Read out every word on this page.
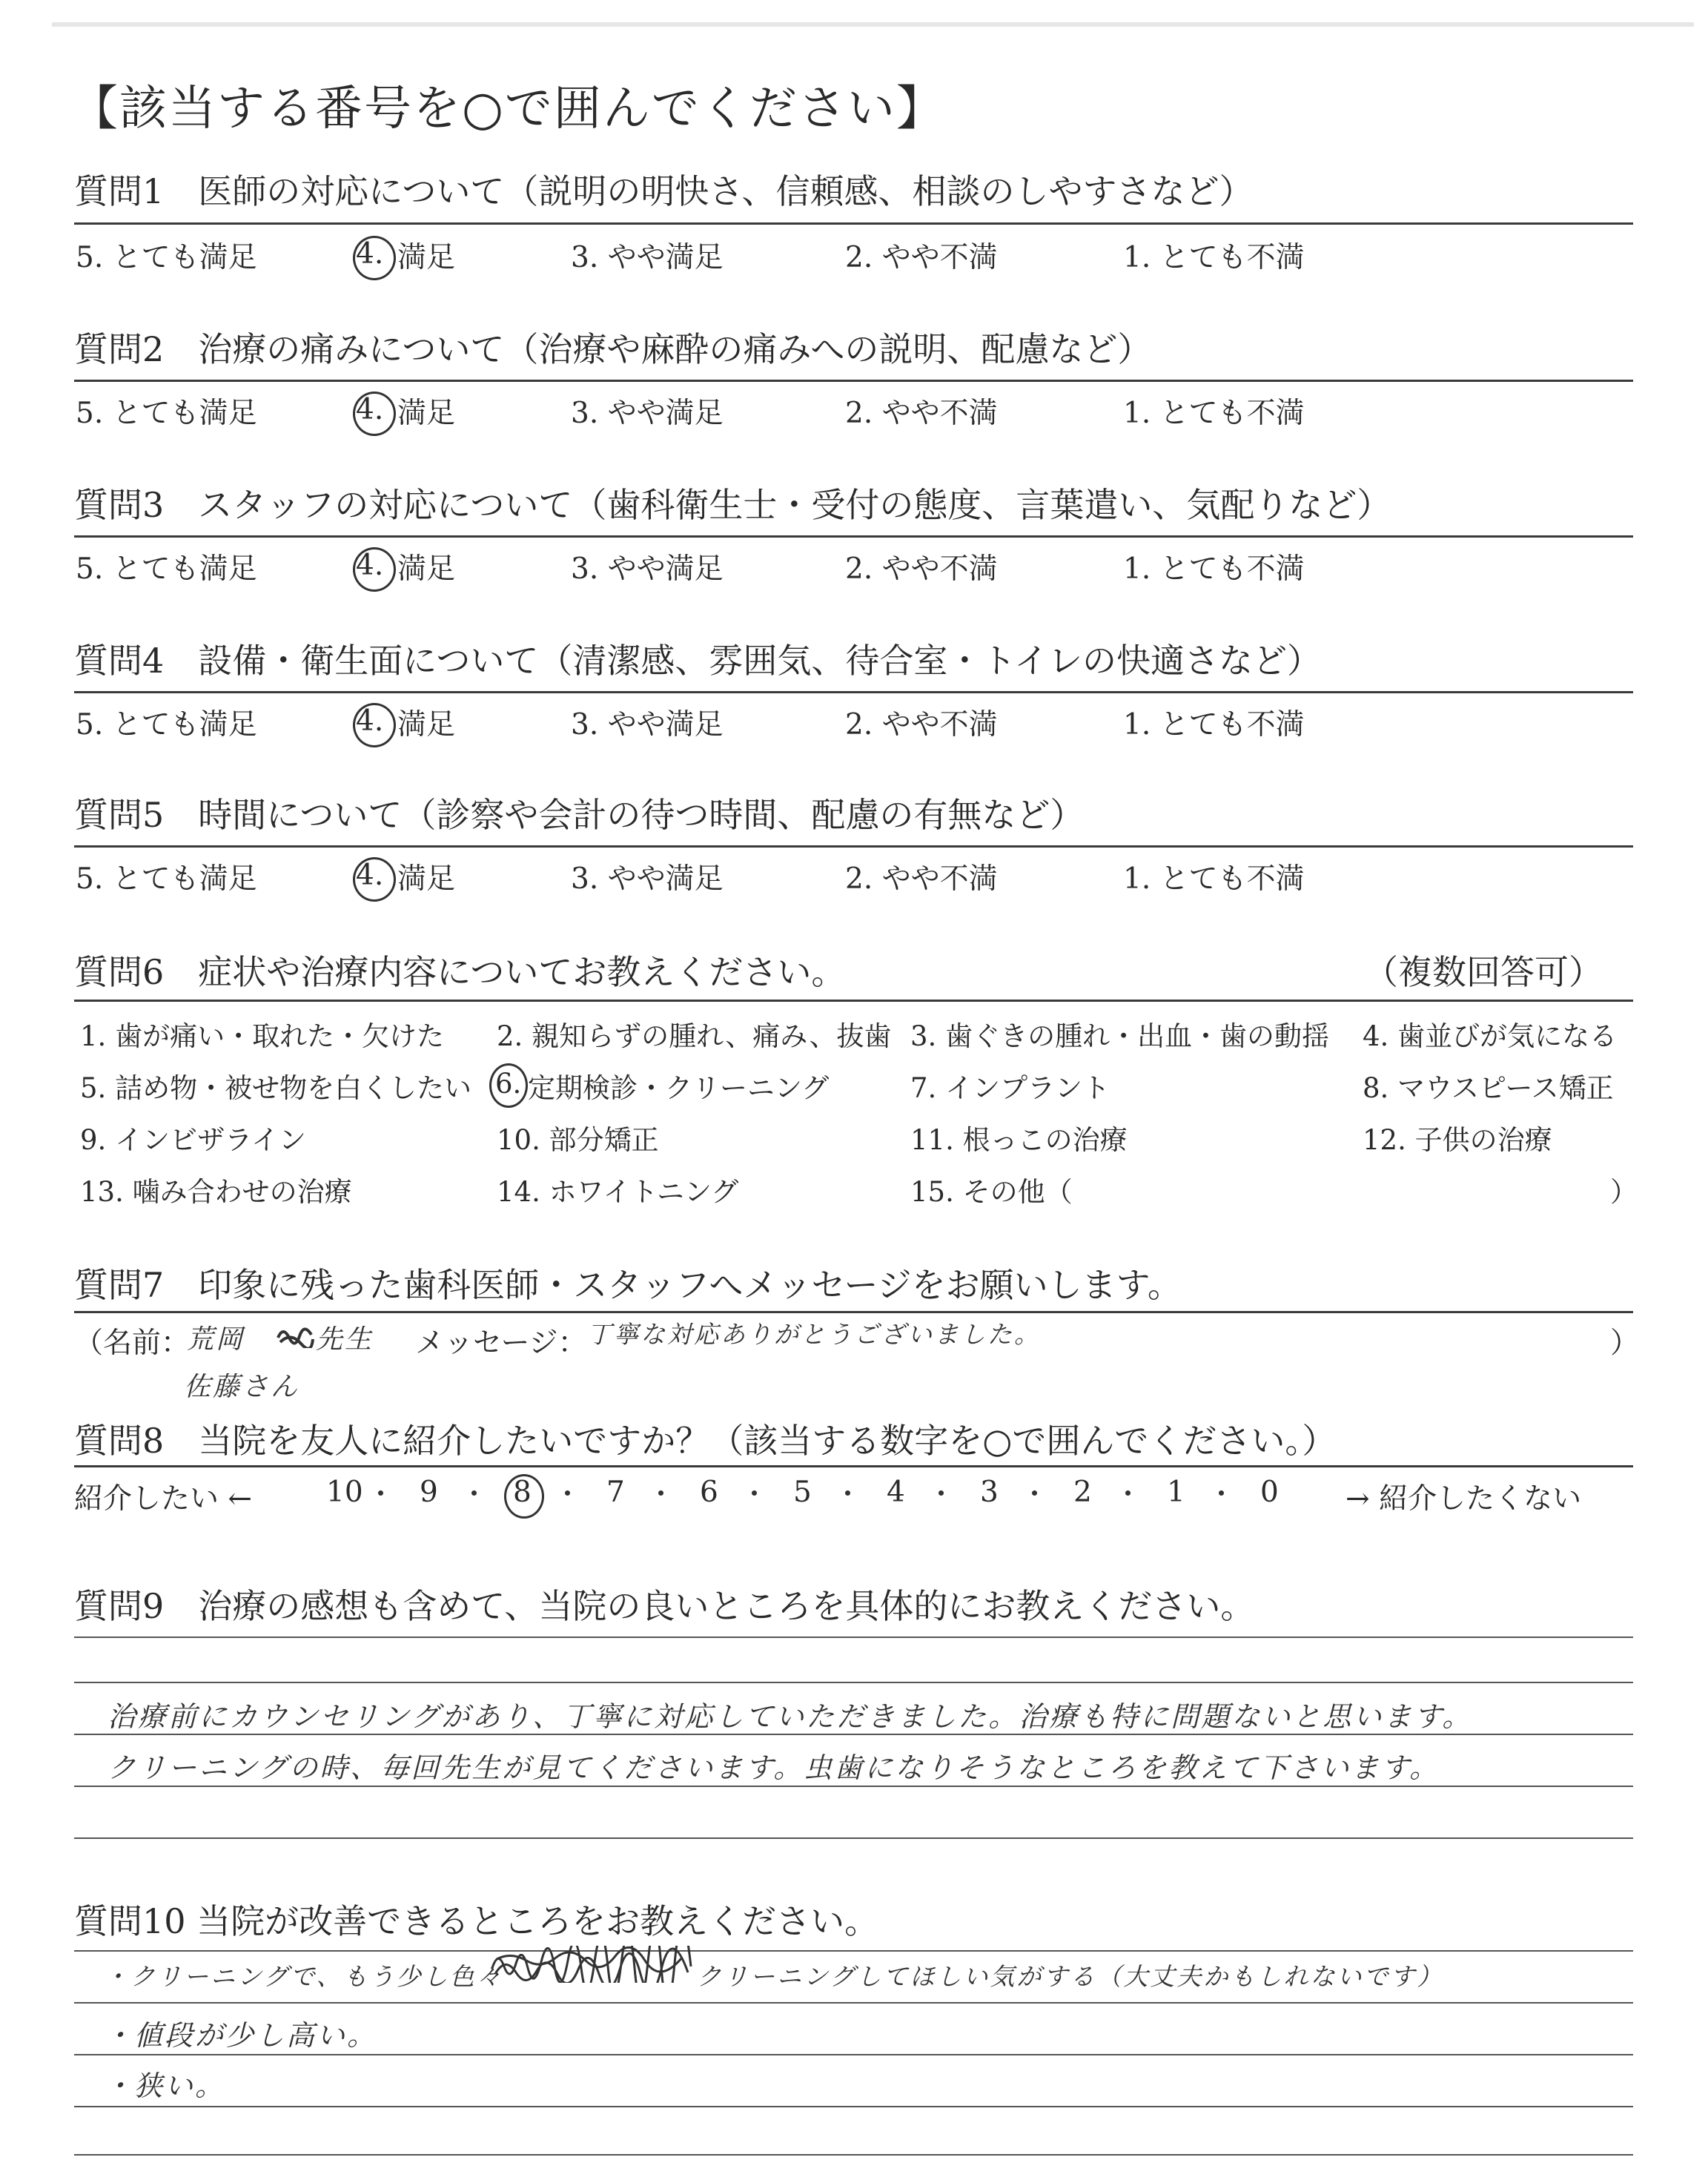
【該当する番号を○で囲んでください】
質問1　医師の対応について（説明の明快さ、信頼感、相談のしやすさなど）
5. とても満足	4. 満足	3. やや満足	2. やや不満	1. とても不満
質問2　治療の痛みについて（治療や麻酔の痛みへの説明、配慮など）
5. とても満足	4. 満足	3. やや満足	2. やや不満	1. とても不満
質問3　スタッフの対応について（歯科衛生士・受付の態度、言葉遣い、気配りなど）
5. とても満足	4. 満足	3. やや満足	2. やや不満	1. とても不満
質問4　設備・衛生面について（清潔感、雰囲気、待合室・トイレの快適さなど）
5. とても満足	4. 満足	3. やや満足	2. やや不満	1. とても不満
質問5　時間について（診察や会計の待つ時間、配慮の有無など）
5. とても満足	4. 満足	3. やや満足	2. やや不満	1. とても不満
質問6　症状や治療内容についてお教えください。	（複数回答可）
1. 歯が痛い・取れた・欠けた 2. 親知らずの腫れ、痛み、抜歯 3. 歯ぐきの腫れ・出血・歯の動揺 4. 歯並びが気になる
5. 詰め物・被せ物を白くしたい 6. 定期検診・クリーニング	7. インプラント	8. マウスピース矯正
9. インビザライン	10. 部分矯正	11. 根っこの治療	12. 子供の治療
13. 噛み合わせの治療	14. ホワイトニング	15. その他（	）
質問7　印象に残った歯科医師・スタッフへメッセージをお願いします。
（名前：
荒岡	先生
佐藤さん
メッセージ： 丁寧な対応ありがとうございました。	）
質問8　当院を友人に紹介したいですか？（該当する数字を○で囲んでください。）
紹介したい ←	10 9	8	7	6	5	4	3	2	1	0 → 紹介したくない
質問9　治療の感想も含めて、当院の良いところを具体的にお教えください。
治療前にカウンセリングがあり、丁寧に対応していただきました。治療も特に問題ないと思います。
クリーニングの時、毎回先生が見てくださいます。虫歯になりそうなところを教えて下さいます。
質問10 当院が改善できるところをお教えください。
・クリーニングで、もう少し色々	クリーニングしてほしい気がする（大丈夫かもしれないです）
・値段が少し高い。
・狭い。
